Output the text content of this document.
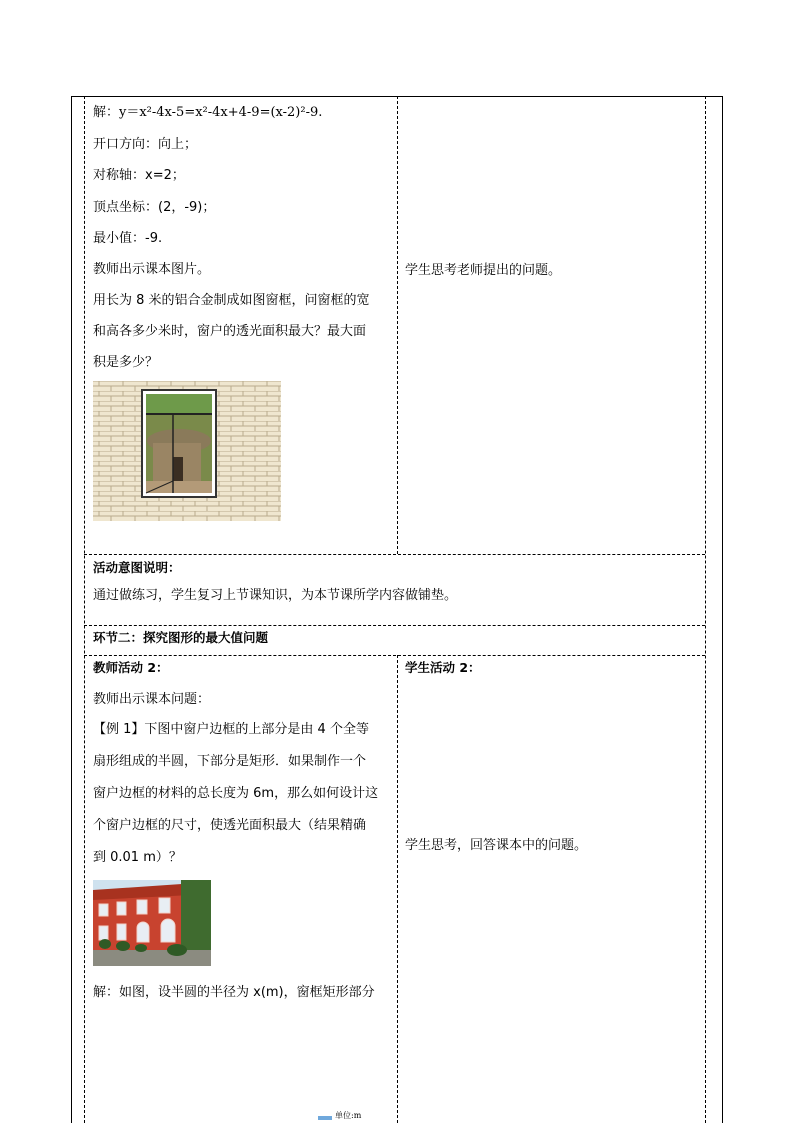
解：y＝x²-4x-5=x²-4x+4-9=(x-2)²-9.
开口方向：向上；
对称轴：x=2；
顶点坐标：(2，-9)；
最小值：-9.
教师出示课本图片。
用长为 8 米的铝合金制成如图窗框，问窗框的宽
和高各多少米时，窗户的透光面积最大？最大面
积是多少？
学生思考老师提出的问题。
活动意图说明：
通过做练习，学生复习上节课知识，为本节课所学内容做铺垫。
环节二：探究图形的最大值问题
教师活动 2：
教师出示课本问题：
【例 1】下图中窗户边框的上部分是由 4 个全等
扇形组成的半圆，下部分是矩形．如果制作一个
窗户边框的材料的总长度为 6m，那么如何设计这
个窗户边框的尺寸，使透光面积最大（结果精确
到 0.01 m）？
解：如图，设半圆的半径为 x(m)，窗框矩形部分
学生活动 2：
学生思考，回答课本中的问题。
单位:m
